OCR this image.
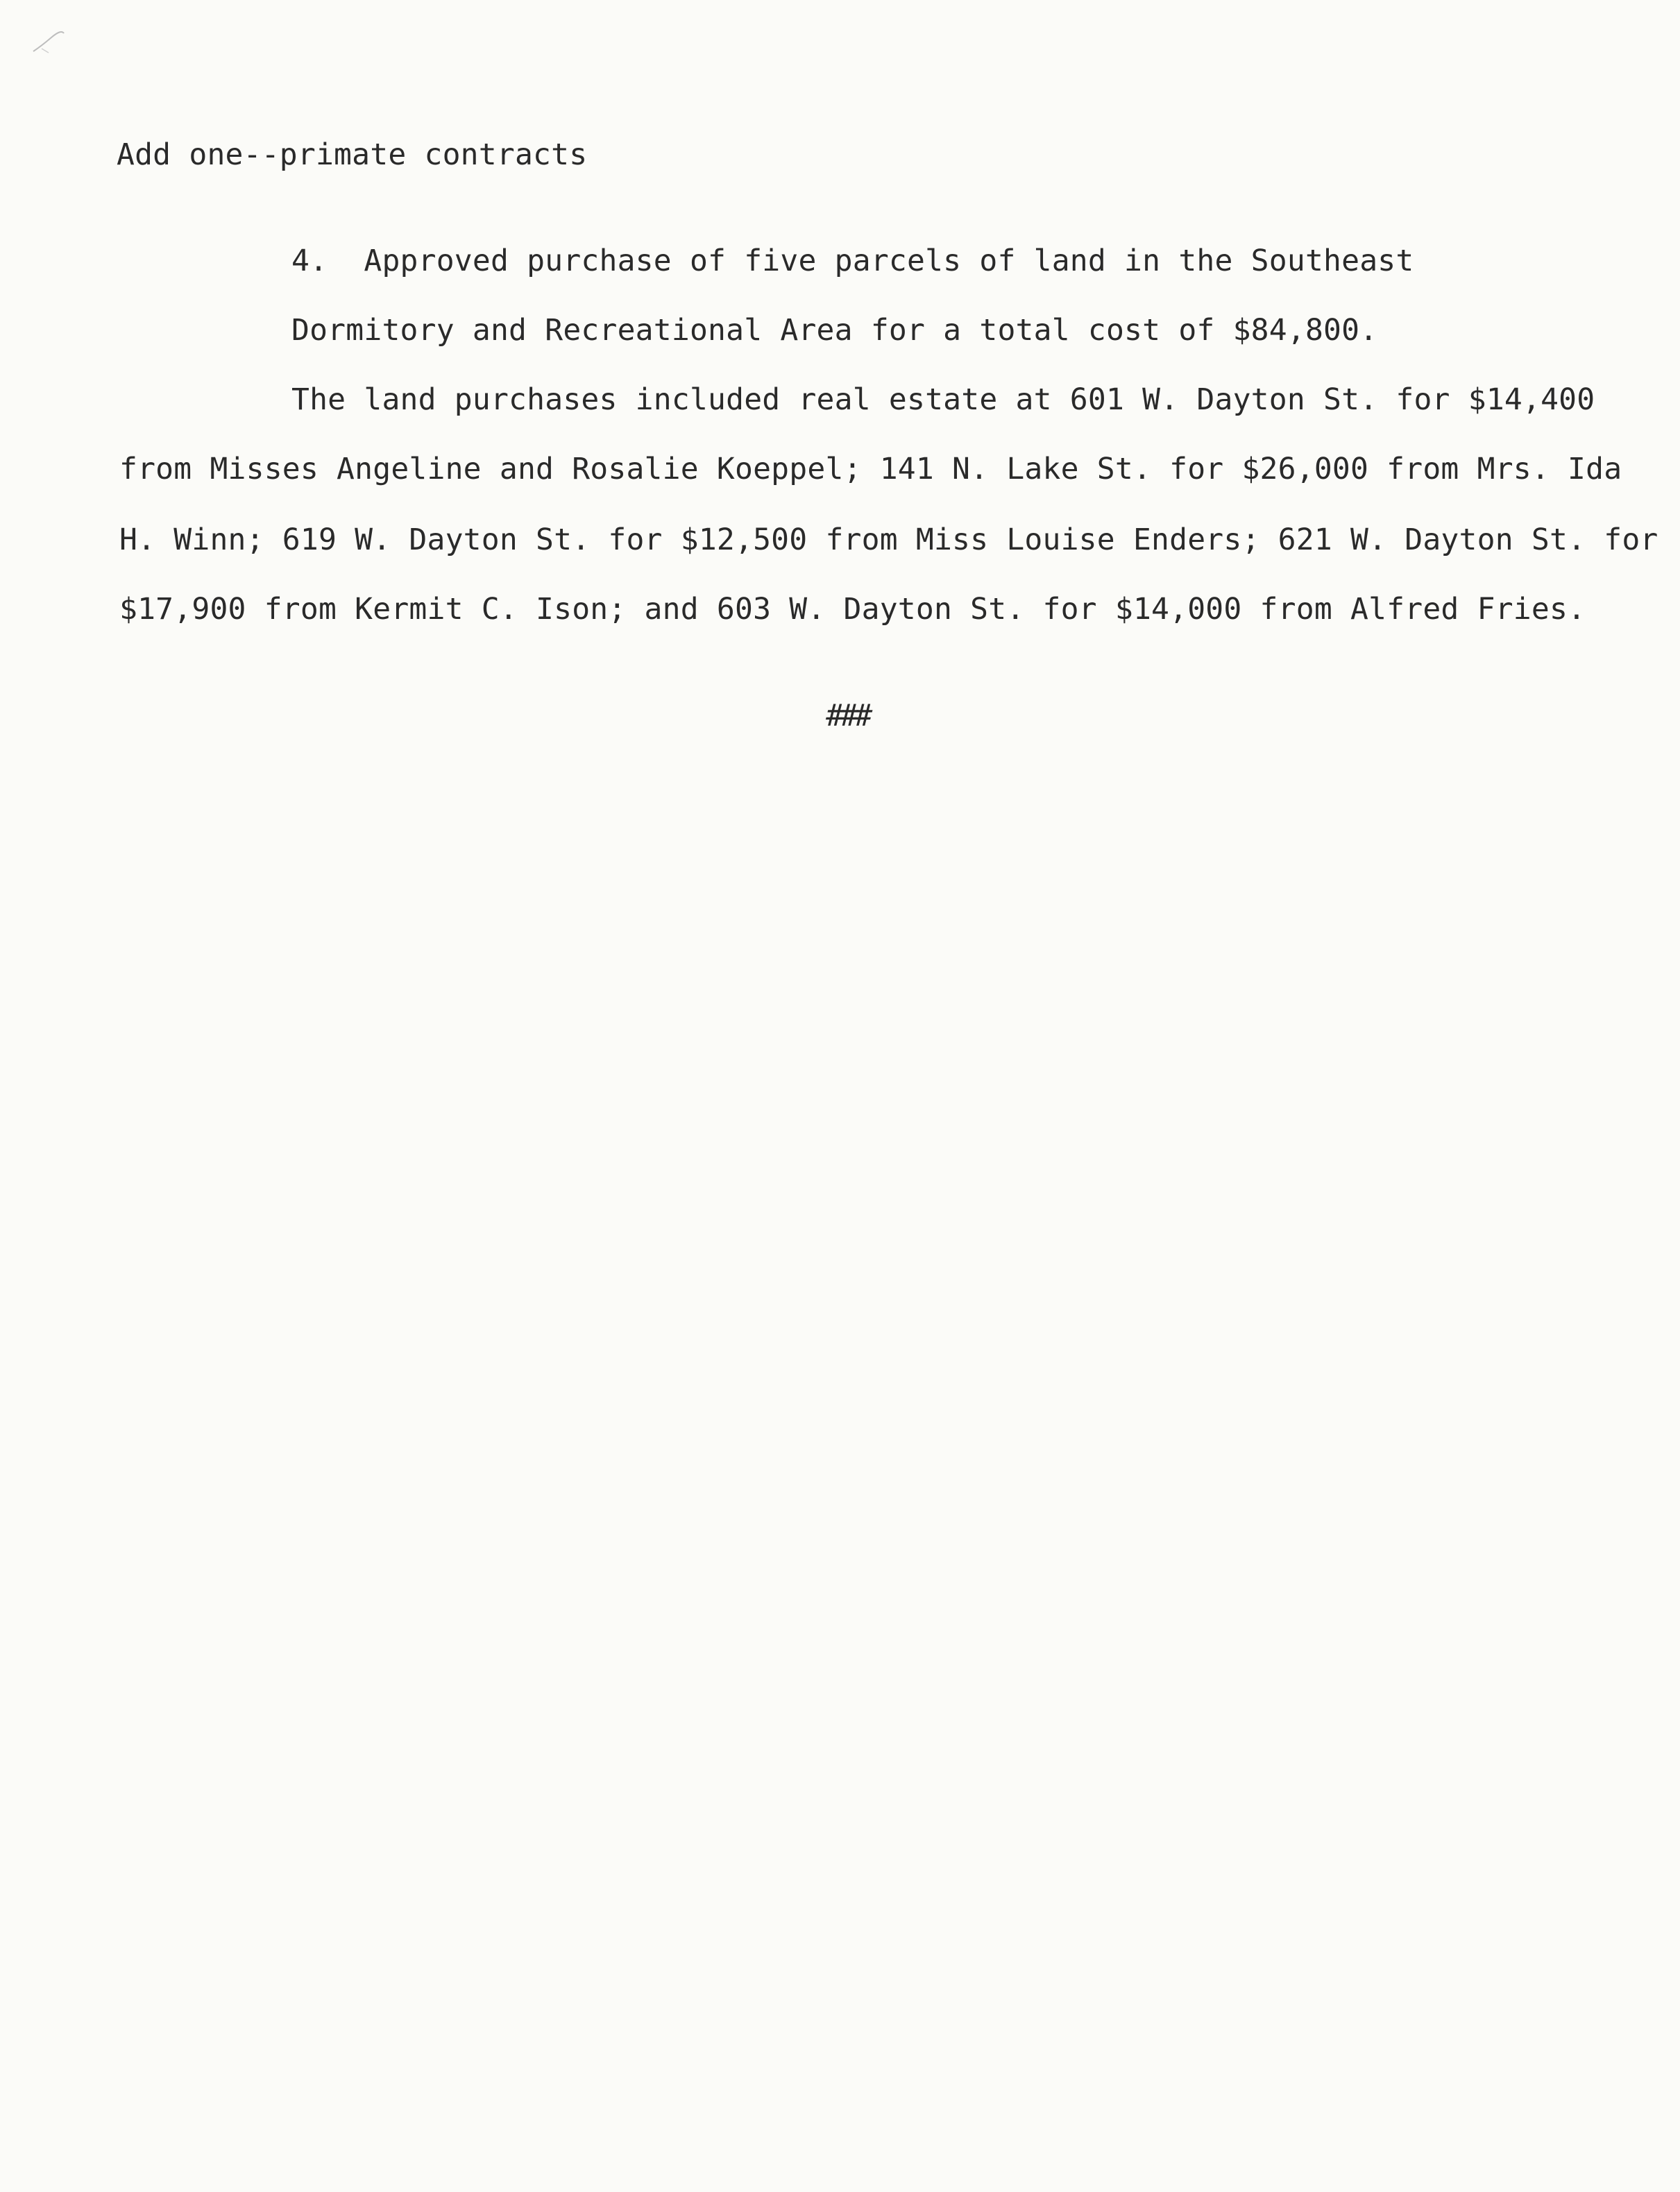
Add one--primate contracts
4.  Approved purchase of five parcels of land in the Southeast
Dormitory and Recreational Area for a total cost of $84,800.
The land purchases included real estate at 601 W. Dayton St. for $14,400
from Misses Angeline and Rosalie Koeppel; 141 N. Lake St. for $26,000 from Mrs. Ida
H. Winn; 619 W. Dayton St. for $12,500 from Miss Louise Enders; 621 W. Dayton St. for
$17,900 from Kermit C. Ison; and 603 W. Dayton St. for $14,000 from Alfred Fries.
###
